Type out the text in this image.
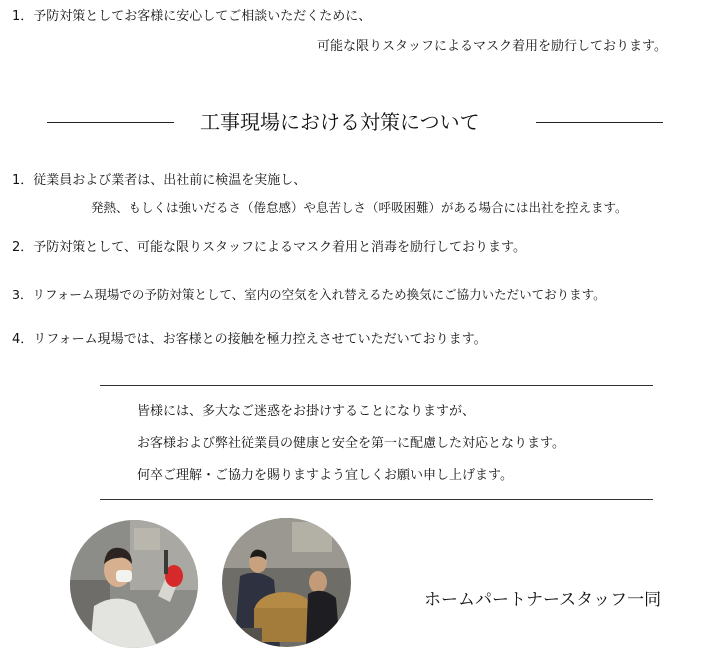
1．予防対策としてお客様に安心してご相談いただくために、
可能な限りスタッフによるマスク着用を励行しております。
工事現場における対策について
1．従業員および業者は、出社前に検温を実施し、
発熱、もしくは強いだるさ（倦怠感）や息苦しさ（呼吸困難）がある場合には出社を控えます。
2．予防対策として、可能な限りスタッフによるマスク着用と消毒を励行しております。
3．リフォーム現場での予防対策として、室内の空気を入れ替えるため換気にご協力いただいております。
4．リフォーム現場では、お客様との接触を極力控えさせていただいております。
皆様には、多大なご迷惑をお掛けすることになりますが、
お客様および弊社従業員の健康と安全を第一に配慮した対応となります。
何卒ご理解・ご協力を賜りますよう宜しくお願い申し上げます。
ホームパートナースタッフ一同
